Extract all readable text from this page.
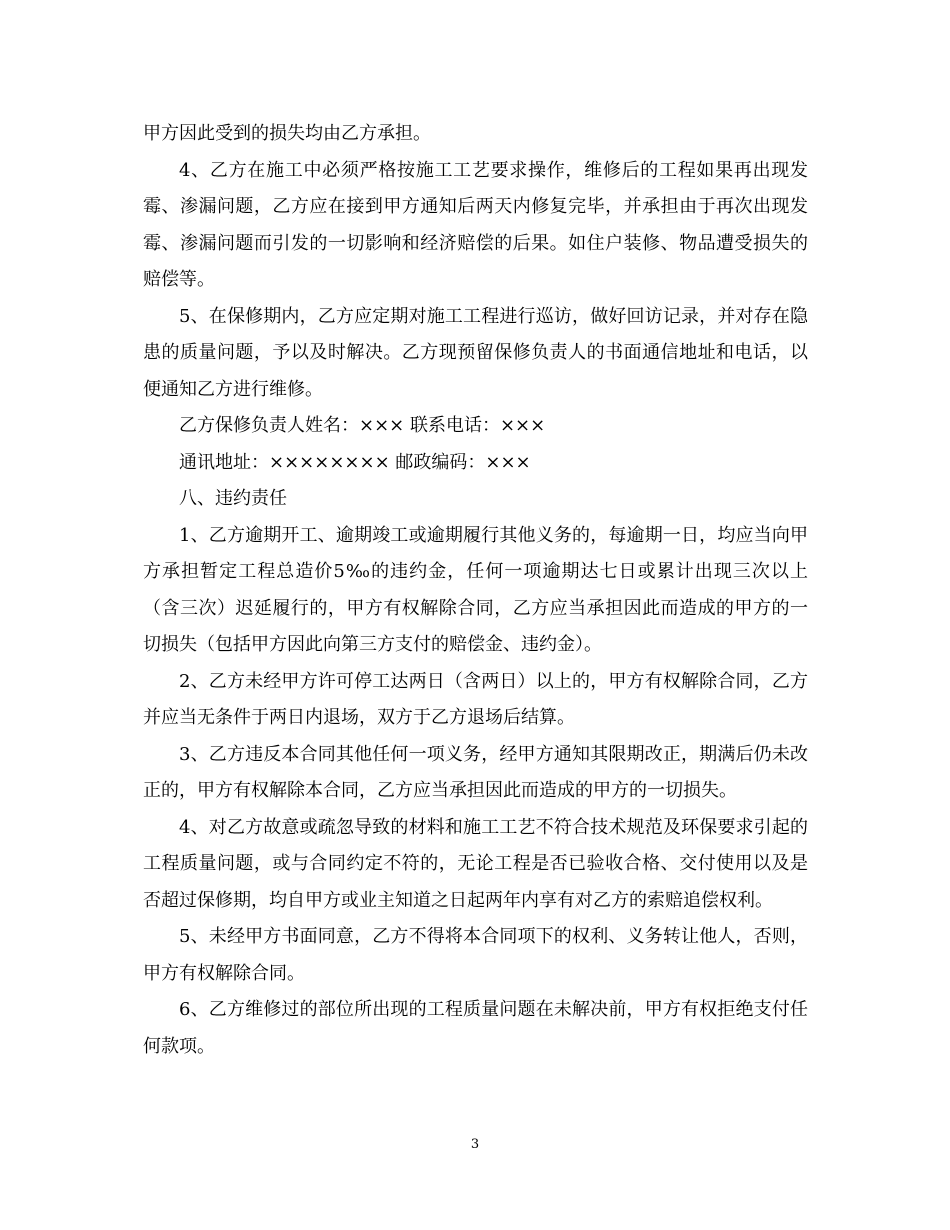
甲方因此受到的损失均由乙方承担。

4、乙方在施工中必须严格按施工工艺要求操作，维修后的工程如果再出现发霉、渗漏问题，乙方应在接到甲方通知后两天内修复完毕，并承担由于再次出现发霉、渗漏问题而引发的一切影响和经济赔偿的后果。如住户装修、物品遭受损失的赔偿等。

5、在保修期内，乙方应定期对施工工程进行巡访，做好回访记录，并对存在隐患的质量问题，予以及时解决。乙方现预留保修负责人的书面通信地址和电话，以便通知乙方进行维修。

乙方保修负责人姓名：××× 联系电话：×××

通讯地址：×××××××× 邮政编码：×××

八、违约责任

1、乙方逾期开工、逾期竣工或逾期履行其他义务的，每逾期一日，均应当向甲方承担暂定工程总造价5‰的违约金，任何一项逾期达七日或累计出现三次以上（含三次）迟延履行的，甲方有权解除合同，乙方应当承担因此而造成的甲方的一切损失（包括甲方因此向第三方支付的赔偿金、违约金）。

2、乙方未经甲方许可停工达两日（含两日）以上的，甲方有权解除合同，乙方并应当无条件于两日内退场，双方于乙方退场后结算。

3、乙方违反本合同其他任何一项义务，经甲方通知其限期改正，期满后仍未改正的，甲方有权解除本合同，乙方应当承担因此而造成的甲方的一切损失。

4、对乙方故意或疏忽导致的材料和施工工艺不符合技术规范及环保要求引起的工程质量问题，或与合同约定不符的，无论工程是否已验收合格、交付使用以及是否超过保修期，均自甲方或业主知道之日起两年内享有对乙方的索赔追偿权利。

5、未经甲方书面同意，乙方不得将本合同项下的权利、义务转让他人，否则，甲方有权解除合同。

6、乙方维修过的部位所出现的工程质量问题在未解决前，甲方有权拒绝支付任何款项。

3
